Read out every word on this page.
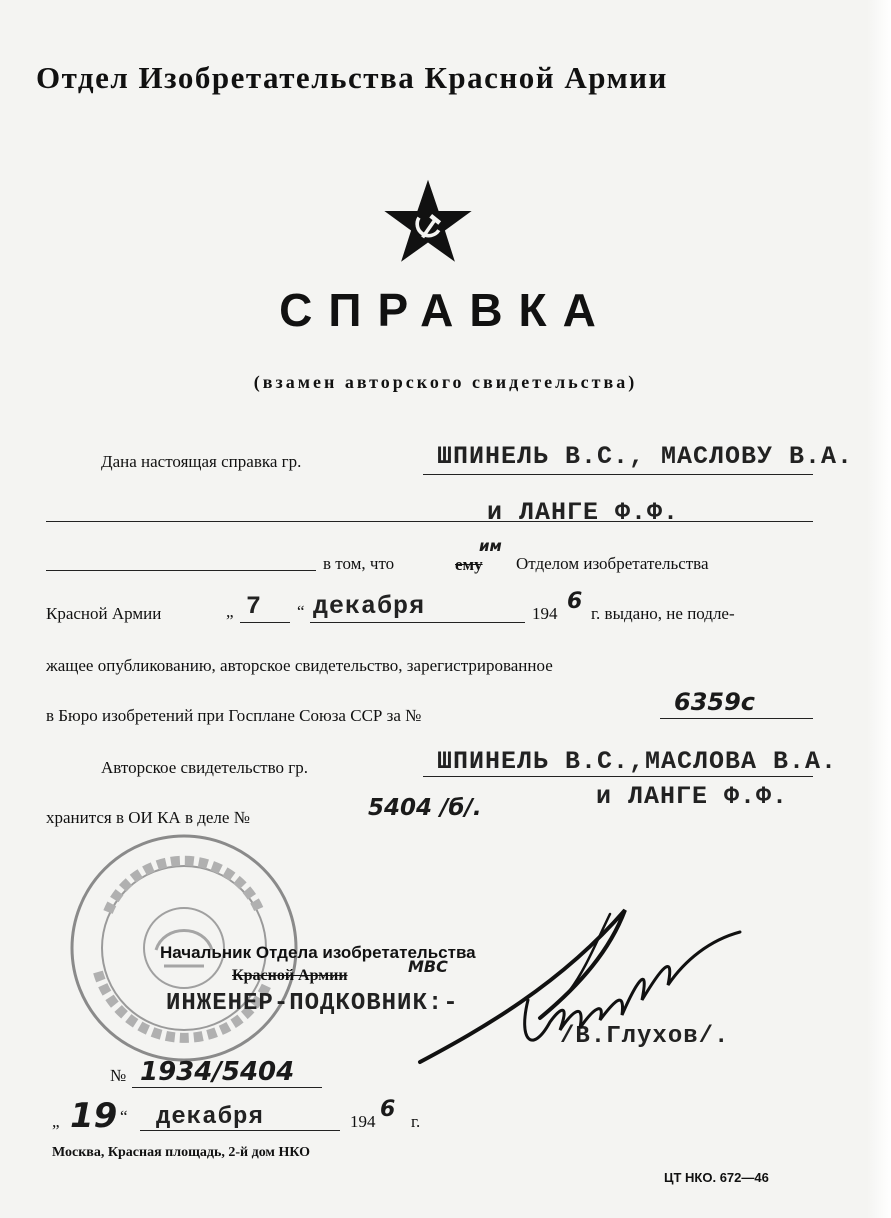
Отдел Изобретательства Красной Армии
СПРАВКА
(взамен авторского свидетельства)
Дана настоящая справка гр.	ШПИНЕЛЬ В.С., МАСЛОВУ В.А.
и ЛАНГЕ Ф.Ф.
в том, что	ему
им
Отделом изобретательства
Красной Армии	„ 7 “ декабря	194 6 г. выдано, не подле-
жащее опубликованию, авторское свидетельство, зарегистрированное
в Бюро изобретений при Госплане Союза ССР за №	6359с
Авторское свидетельство гр.	ШПИНЕЛЬ В.С.,МАСЛОВА В.А.
хранится в ОИ КА в деле №	5404 /б/.	и ЛАНГЕ Ф.Ф.
Начальник Отдела изобретательства
Красной Армии	МВС
ИНЖЕНЕР-ПОДКОВНИК:-
/В.Глухов/.
№ 1934/5404
„ 19 “ декабря	194 6 г.
Москва, Красная площадь, 2-й дом НКО
ЦТ НКО. 672—46
